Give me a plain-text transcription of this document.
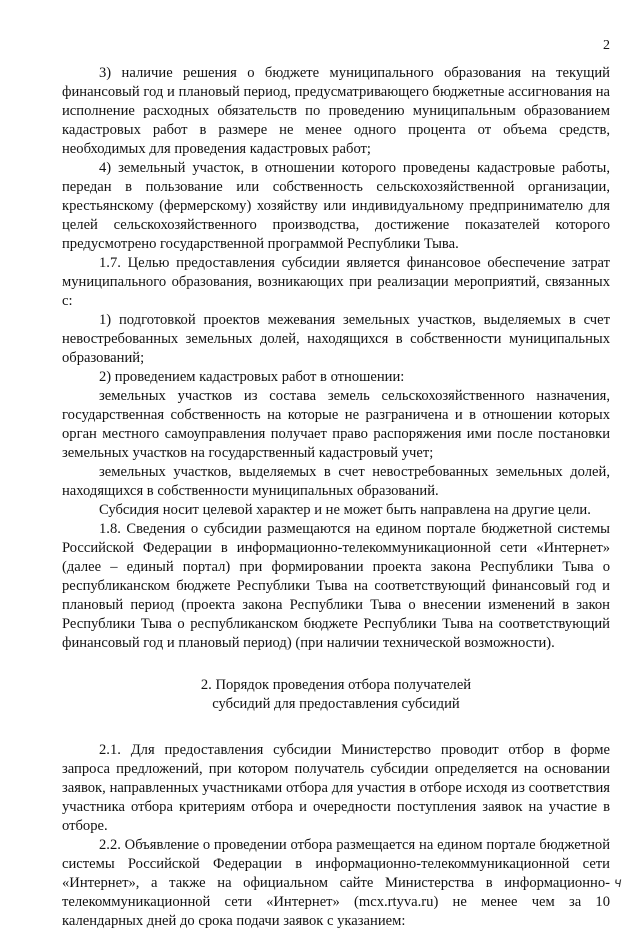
2

3) наличие решения о бюджете муниципального образования на текущий финансовый год и плановый период, предусматривающего бюджетные ассигнования на исполнение расходных обязательств по проведению муниципальным образованием кадастровых работ в размере не менее одного процента от объема средств, необходимых для проведения кадастровых работ;

4) земельный участок, в отношении которого проведены кадастровые работы, передан в пользование или собственность сельскохозяйственной организации, крестьянскому (фермерскому) хозяйству или индивидуальному предпринимателю для целей сельскохозяйственного производства, достижение показателей которого предусмотрено государственной программой Республики Тыва.

1.7. Целью предоставления субсидии является финансовое обеспечение затрат муниципального образования, возникающих при реализации мероприятий, связанных с:

1) подготовкой проектов межевания земельных участков, выделяемых в счет невостребованных земельных долей, находящихся в собственности муниципальных образований;

2) проведением кадастровых работ в отношении:

земельных участков из состава земель сельскохозяйственного назначения, государственная собственность на которые не разграничена и в отношении которых орган местного самоуправления получает право распоряжения ими после постановки земельных участков на государственный кадастровый учет;

земельных участков, выделяемых в счет невостребованных земельных долей, находящихся в собственности муниципальных образований.

Субсидия носит целевой характер и не может быть направлена на другие цели.

1.8. Сведения о субсидии размещаются на едином портале бюджетной системы Российской Федерации в информационно-телекоммуникационной сети «Интернет» (далее – единый портал) при формировании проекта закона Республики Тыва о республиканском бюджете Республики Тыва на соответствующий финансовый год и плановый период (проекта закона Республики Тыва о внесении изменений в закон Республики Тыва о республиканском бюджете Республики Тыва на соответствующий финансовый год и плановый период) (при наличии технической возможности).

2. Порядок проведения отбора получателей
субсидий для предоставления субсидий

2.1. Для предоставления субсидии Министерство проводит отбор в форме запроса предложений, при котором получатель субсидии определяется на основании заявок, направленных участниками отбора для участия в отборе исходя из соответствия участника отбора критериям отбора и очередности поступления заявок на участие в отборе.

2.2. Объявление о проведении отбора размещается на едином портале бюджетной системы Российской Федерации в информационно-телекоммуникационной сети «Интернет», а также на официальном сайте Министерства в информационно-телекоммуникационной сети «Интернет» (mcx.rtyva.ru) не менее чем за 10 календарных дней до срока подачи заявок с указанием:

ч
